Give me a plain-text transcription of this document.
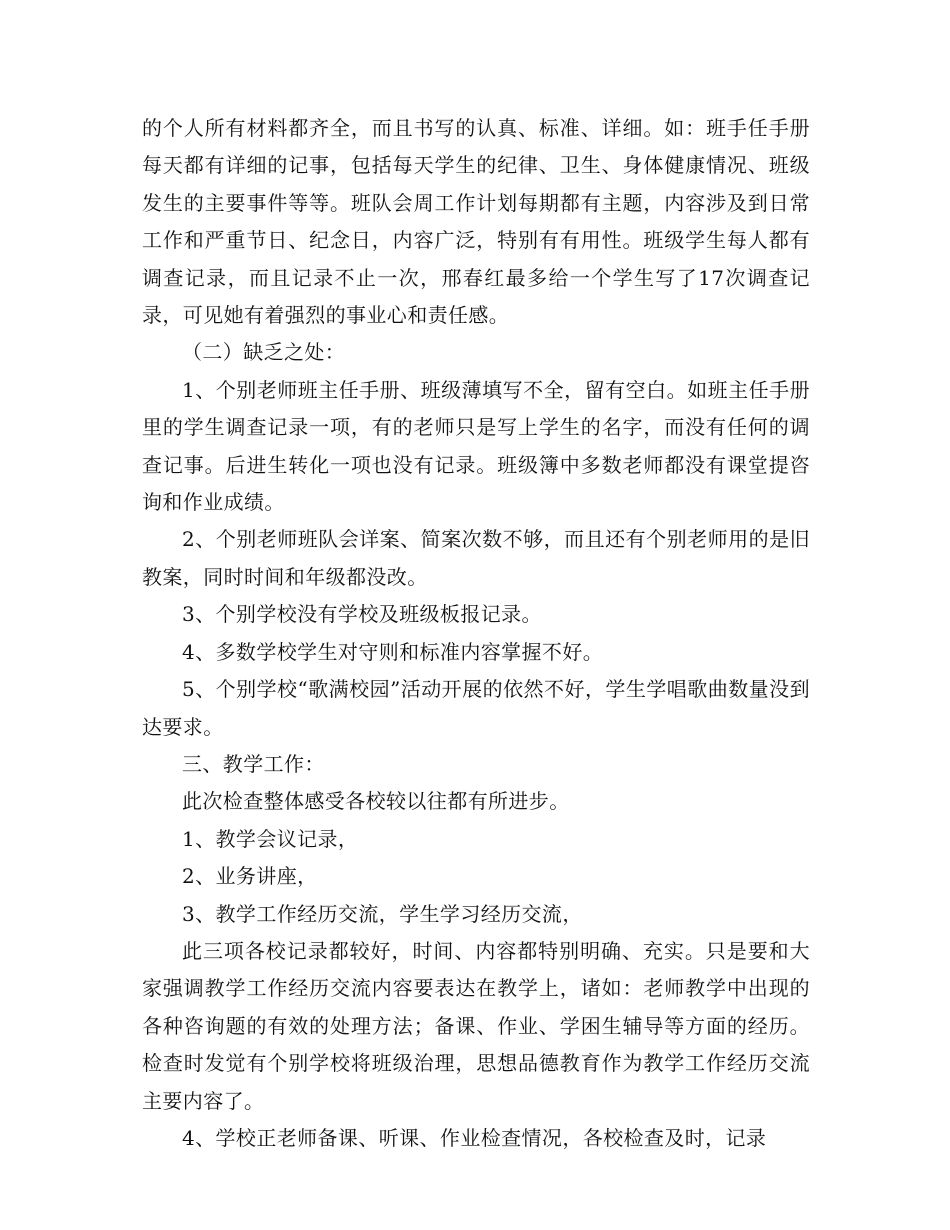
的个人所有材料都齐全，而且书写的认真、标准、详细。如：班手任手册每天都有详细的记事，包括每天学生的纪律、卫生、身体健康情况、班级发生的主要事件等等。班队会周工作计划每期都有主题，内容涉及到日常工作和严重节日、纪念日，内容广泛，特别有有用性。班级学生每人都有调查记录，而且记录不止一次，邢春红最多给一个学生写了17次调查记录，可见她有着强烈的事业心和责任感。

（二）缺乏之处：

1、个别老师班主任手册、班级薄填写不全，留有空白。如班主任手册里的学生调查记录一项，有的老师只是写上学生的名字，而没有任何的调查记事。后进生转化一项也没有记录。班级簿中多数老师都没有课堂提咨询和作业成绩。

2、个别老师班队会详案、简案次数不够，而且还有个别老师用的是旧教案，同时时间和年级都没改。

3、个别学校没有学校及班级板报记录。

4、多数学校学生对守则和标准内容掌握不好。

5、个别学校“歌满校园”活动开展的依然不好，学生学唱歌曲数量没到达要求。

三、教学工作：

此次检查整体感受各校较以往都有所进步。

1、教学会议记录，

2、业务讲座，

3、教学工作经历交流，学生学习经历交流，

此三项各校记录都较好，时间、内容都特别明确、充实。只是要和大家强调教学工作经历交流内容要表达在教学上，诸如：老师教学中出现的各种咨询题的有效的处理方法；备课、作业、学困生辅导等方面的经历。检查时发觉有个别学校将班级治理，思想品德教育作为教学工作经历交流主要内容了。

4、学校正老师备课、听课、作业检查情况，各校检查及时，记录
